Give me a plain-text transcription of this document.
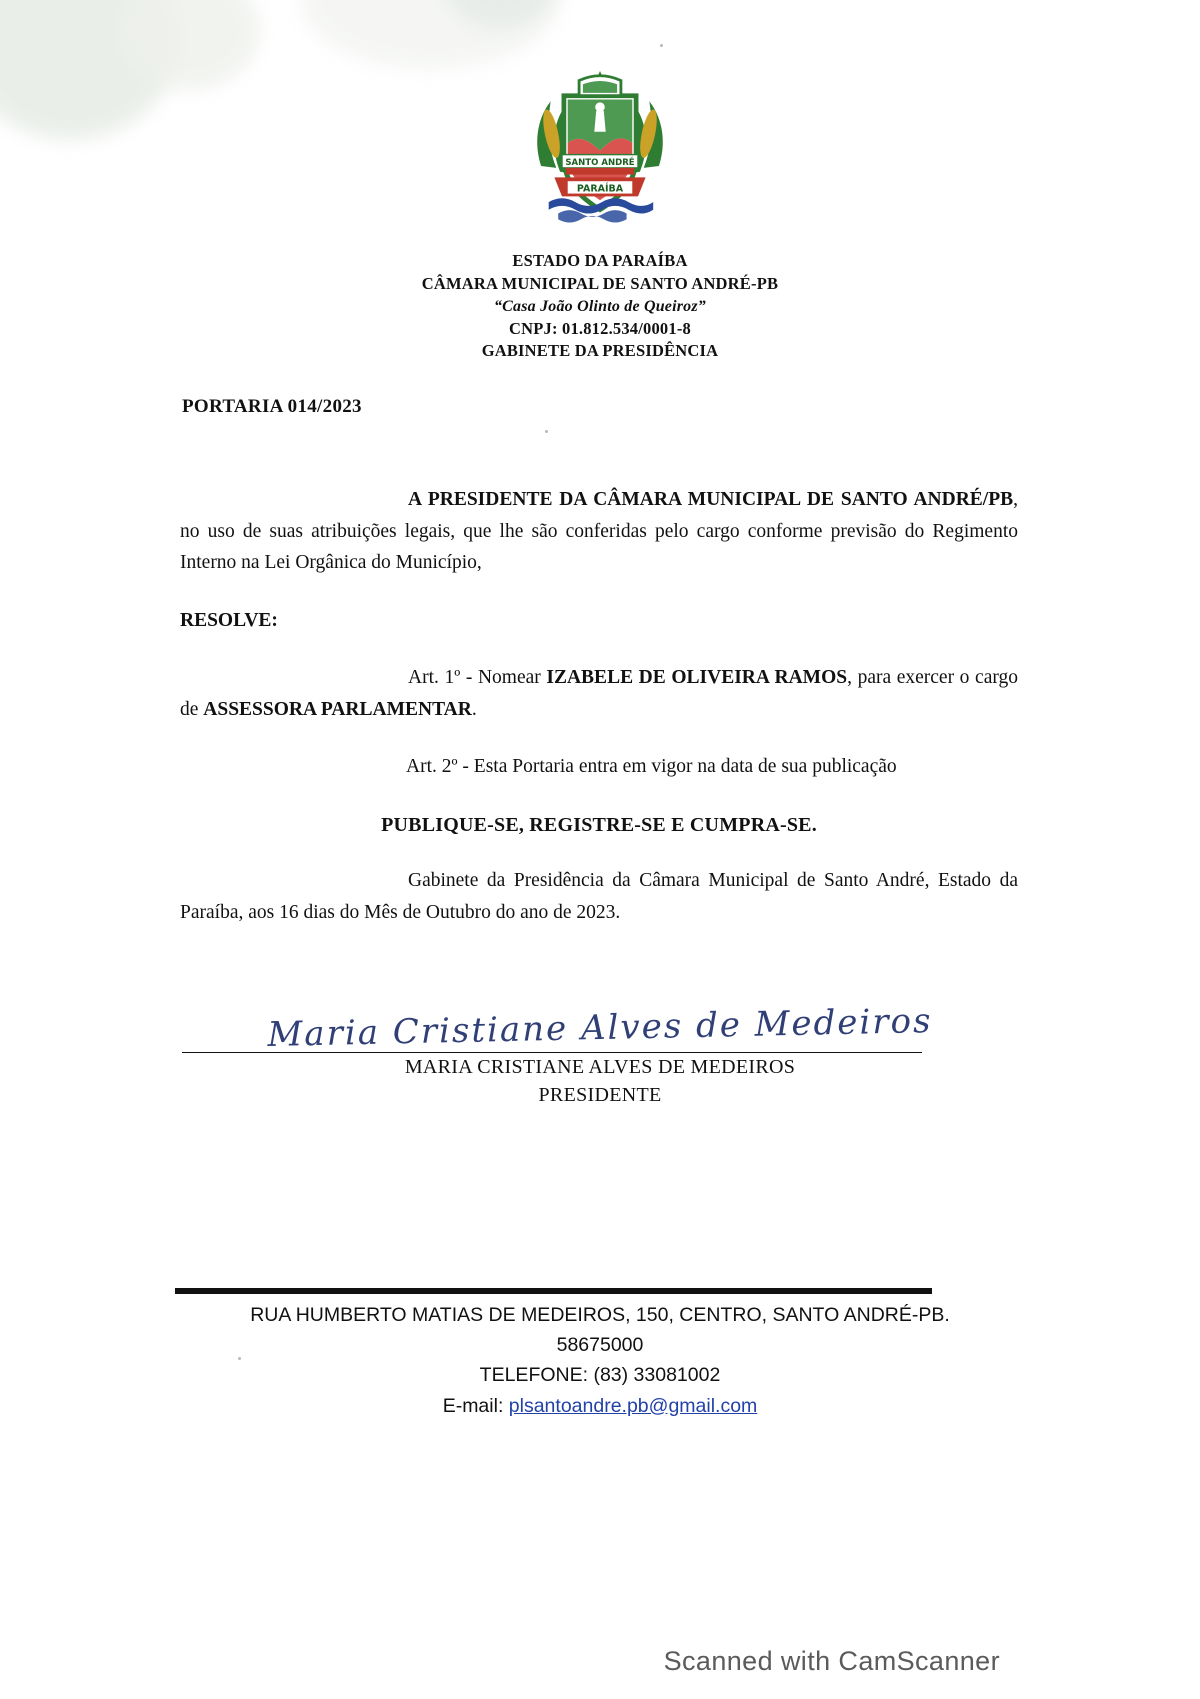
SANTO ANDRÉ
PARAÍBA
ESTADO DA PARAÍBA
CÂMARA MUNICIPAL DE SANTO ANDRÉ-PB
“Casa João Olinto de Queiroz”
CNPJ: 01.812.534/0001-8
GABINETE DA PRESIDÊNCIA
PORTARIA 014/2023

A PRESIDENTE DA CÂMARA MUNICIPAL DE SANTO ANDRÉ/PB, no uso de suas atribuições legais, que lhe são conferidas pelo cargo conforme previsão do Regimento Interno na Lei Orgânica do Município,

RESOLVE:

Art. 1º - Nomear IZABELE DE OLIVEIRA RAMOS, para exercer o cargo de ASSESSORA PARLAMENTAR.

Art. 2º - Esta Portaria entra em vigor na data de sua publicação

PUBLIQUE-SE, REGISTRE-SE E CUMPRA-SE.

Gabinete da Presidência da Câmara Municipal de Santo André, Estado da Paraíba, aos 16 dias do Mês de Outubro do ano de 2023.

Maria Cristiane Alves de Medeiros
MARIA CRISTIANE ALVES DE MEDEIROS
PRESIDENTE
RUA HUMBERTO MATIAS DE MEDEIROS, 150, CENTRO, SANTO ANDRÉ-PB.
58675000
TELEFONE: (83) 33081002
E-mail: plsantoandre.pb@gmail.com
Scanned with CamScanner
